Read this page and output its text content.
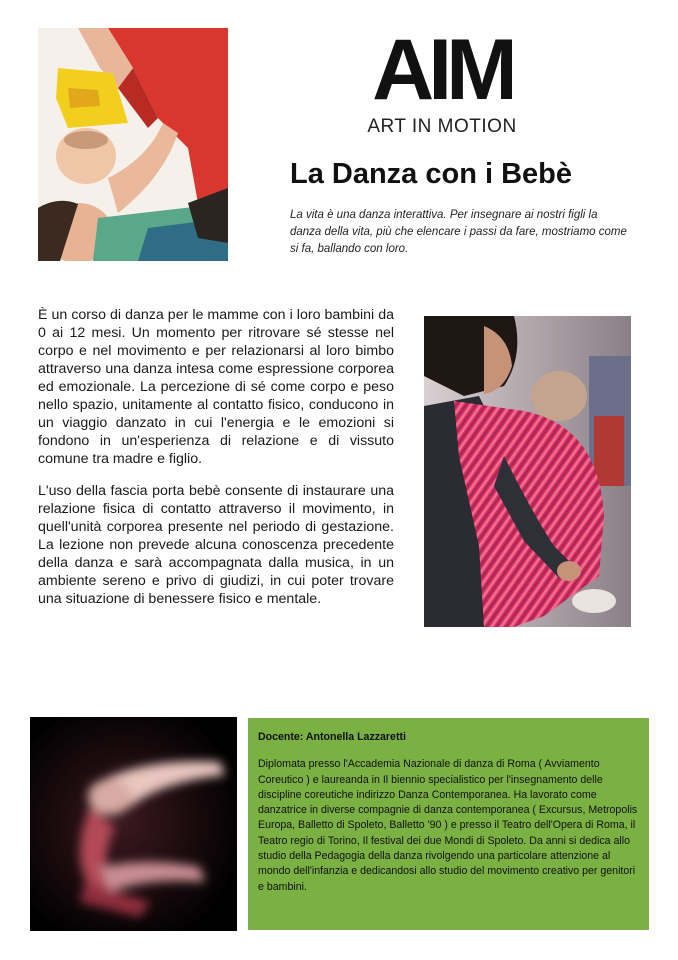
AIM
ART IN MOTION
La Danza con i Bebè
La vita è una danza interattiva. Per insegnare ai nostri figli la danza della vita, più che elencare i passi da fare, mostriamo come si fa, ballando con loro.

È un corso di danza per le mamme con i loro bambini da 0 ai 12 mesi. Un momento per ritrovare sé stesse nel corpo e nel movimento e per relazionarsi al loro bimbo attraverso una danza intesa come espressione corporea ed emozionale. La percezione di sé come corpo e peso nello spazio, unitamente al contatto fisico, conducono in un viaggio danzato in cui l'energia e le emozioni si fondono in un'esperienza di relazione e di vissuto comune tra madre e figlio.

L'uso della fascia porta bebè consente di instaurare una relazione fisica di contatto attraverso il movimento, in quell'unità corporea presente nel periodo di gestazione. La lezione non prevede alcuna conoscenza precedente della danza e sarà accompagnata dalla musica, in un ambiente sereno e privo di giudizi, in cui poter trovare una situazione di benessere fisico e mentale.

Docente: Antonella Lazzaretti

Diplomata presso l'Accademia Nazionale di danza di Roma ( Avviamento Coreutico ) e laureanda in Il biennio specialistico per l'insegnamento delle discipline coreutiche indirizzo Danza Contemporanea. Ha lavorato come danzatrice in diverse compagnie di danza contemporanea ( Excursus, Metropolis Europa, Balletto di Spoleto, Balletto '90 ) e presso il Teatro dell'Opera di Roma, il Teatro regio di Torino, Il festival dei due Mondi di Spoleto. Da anni si dedica allo studio della Pedagogia della danza rivolgendo una particolare attenzione al mondo dell'infanzia e dedicandosi allo studio del movimento creativo per genitori e bambini.
